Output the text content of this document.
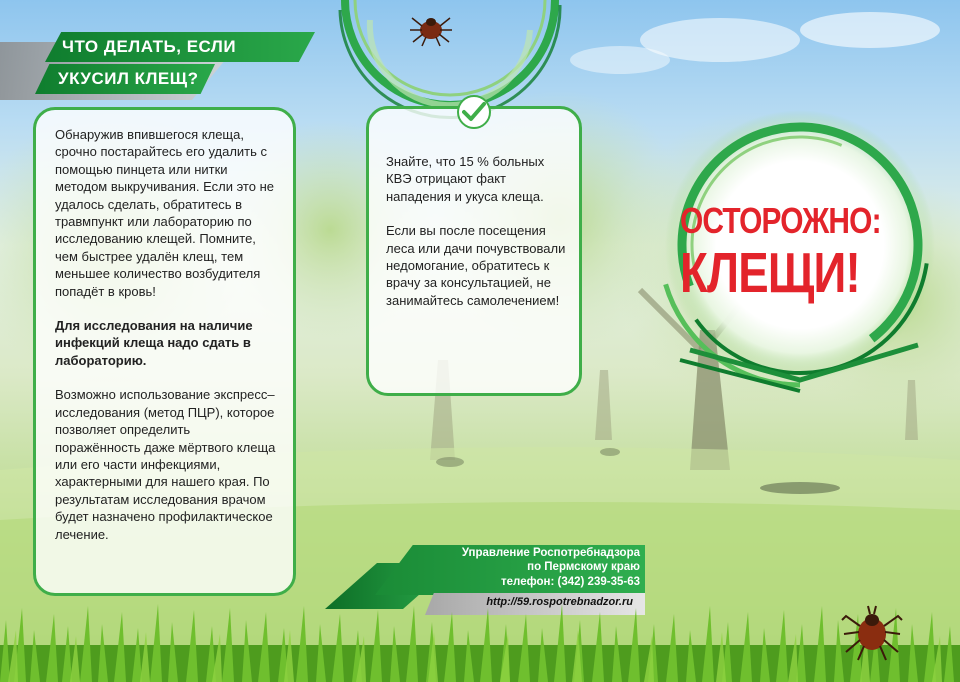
ЧТО ДЕЛАТЬ, ЕСЛИ
УКУСИЛ КЛЕЩ?

Обнаружив впившегося клеща, срочно постарайтесь его удалить с помощью пинцета или нитки методом выкручивания. Если это не удалось сделать, обратитесь в травмпункт или лабораторию по исследованию клещей. Помните, чем быстрее удалён клещ, тем меньшее количество возбудителя попадёт в кровь!

Для исследования на наличие инфекций клеща надо сдать в лабораторию.

Возможно использование экспресс–исследования (метод ПЦР), которое позволяет определить поражённость даже мёртвого клеща или его части инфекциями, характерными для нашего края. По результатам исследования врачом будет назначено профилактическое лечение.

Знайте, что 15 % больных КВЭ отрицают факт нападения и укуса клеща.

Если вы после посещения леса или дачи почувствовали недомогание, обратитесь к врачу за консультацией, не занимайтесь самолечением!

ОСТОРОЖНО:
КЛЕЩИ!
Управление Роспотребнадзора
по Пермскому краю
телефон: (342) 239-35-63
http://59.rospotrebnadzor.ru
